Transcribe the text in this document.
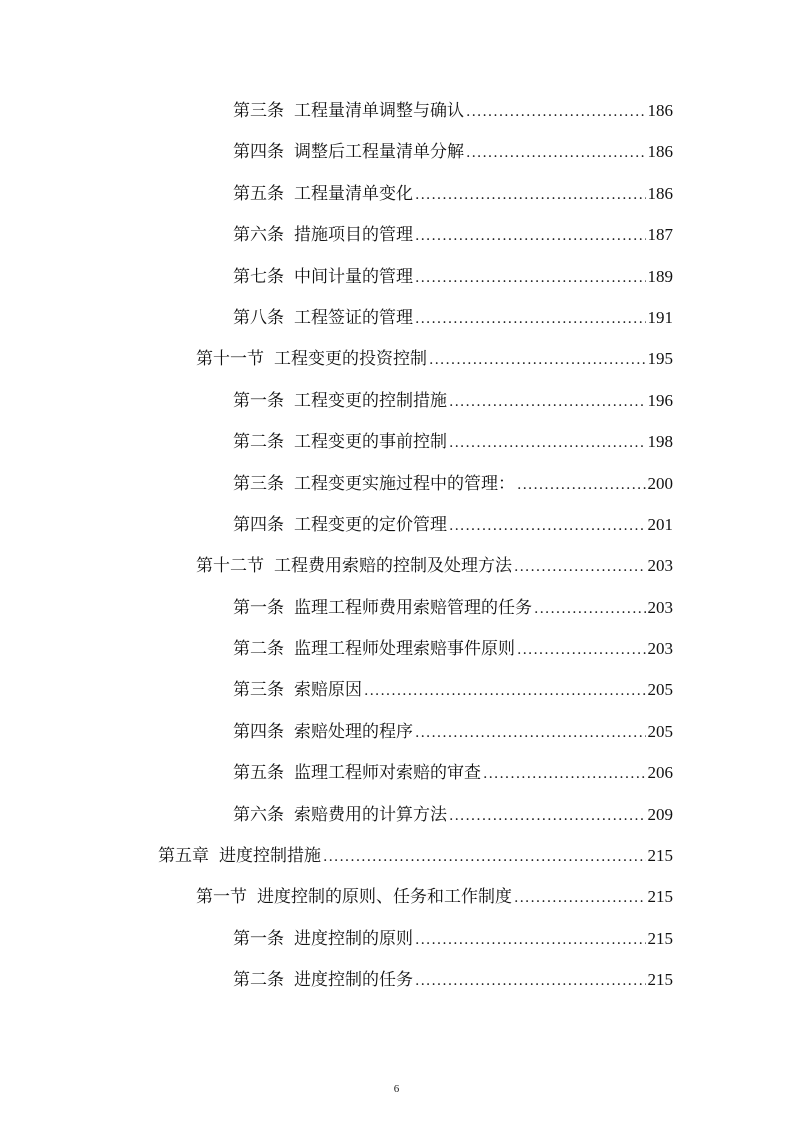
第三条 工程量清单调整与确认 .....	186
第四条 调整后工程量清单分解 .....	186
第五条 工程量清单变化 .....	186
第六条 措施项目的管理 .....	187
第七条 中间计量的管理 .....	189
第八条 工程签证的管理 .....	191
第十一节 工程变更的投资控制 .....	195
第一条 工程变更的控制措施 .....	196
第二条 工程变更的事前控制 .....	198
第三条 工程变更实施过程中的管理： .....	200
第四条 工程变更的定价管理 .....	201
第十二节 工程费用索赔的控制及处理方法 .....	203
第一条 监理工程师费用索赔管理的任务 .....	203
第二条 监理工程师处理索赔事件原则 .....	203
第三条 索赔原因 .....	205
第四条 索赔处理的程序 .....	205
第五条 监理工程师对索赔的审查 .....	206
第六条 索赔费用的计算方法 .....	209
第五章 进度控制措施 .....	215
第一节 进度控制的原则、任务和工作制度 .....	215
第一条 进度控制的原则 .....	215
第二条 进度控制的任务 .....	215
6
